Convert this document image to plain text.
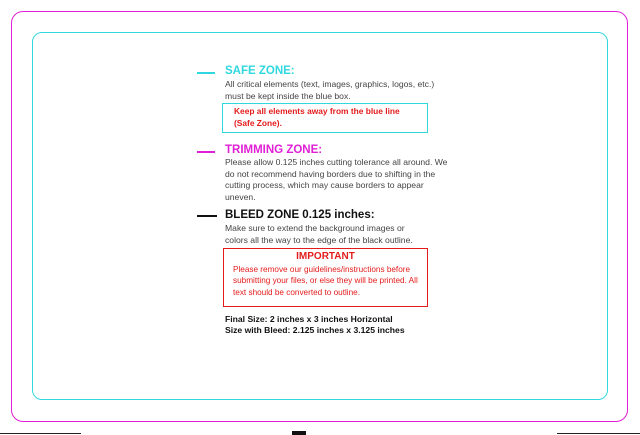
SAFE ZONE:
All critical elements (text, images, graphics, logos, etc.) must be kept inside the blue box.
Keep all elements away from the blue line (Safe Zone).
TRIMMING ZONE:
Please allow 0.125 inches cutting tolerance all around. We do not recommend having borders due to shifting in the cutting process, which may cause borders to appear uneven.
BLEED ZONE 0.125 inches:
Make sure to extend the background images or colors all the way to the edge of the black outline.
IMPORTANT
Please remove our guidelines/instructions before submitting your files, or else they will be printed. All text should be converted to outline.
Final Size: 2 inches x 3 inches Horizontal
Size with Bleed: 2.125 inches x 3.125 inches
